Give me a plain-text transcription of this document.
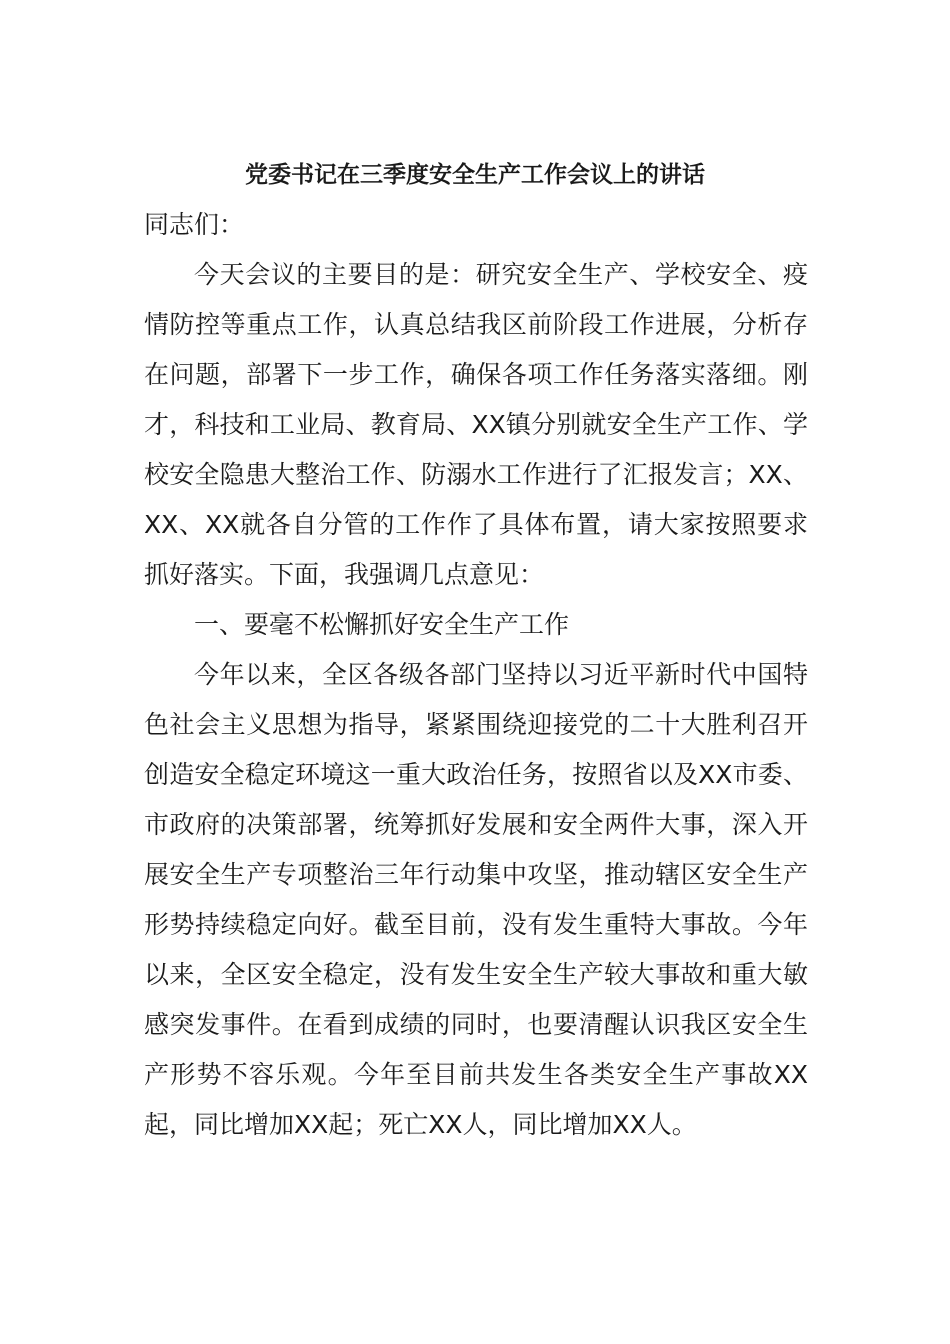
党委书记在三季度安全生产工作会议上的讲话

同志们：

今天会议的主要目的是：研究安全生产、学校安全、疫情防控等重点工作，认真总结我区前阶段工作进展，分析存在问题，部署下一步工作，确保各项工作任务落实落细。刚才，科技和工业局、教育局、XX镇分别就安全生产工作、学校安全隐患大整治工作、防溺水工作进行了汇报发言；XX、XX、XX就各自分管的工作作了具体布置，请大家按照要求抓好落实。下面，我强调几点意见：

一、要毫不松懈抓好安全生产工作

今年以来，全区各级各部门坚持以习近平新时代中国特色社会主义思想为指导，紧紧围绕迎接党的二十大胜利召开创造安全稳定环境这一重大政治任务，按照省以及XX市委、市政府的决策部署，统筹抓好发展和安全两件大事，深入开展安全生产专项整治三年行动集中攻坚，推动辖区安全生产形势持续稳定向好。截至目前，没有发生重特大事故。今年以来，全区安全稳定，没有发生安全生产较大事故和重大敏感突发事件。在看到成绩的同时，也要清醒认识我区安全生产形势不容乐观。今年至目前共发生各类安全生产事故XX起，同比增加XX起；死亡XX人，同比增加XX人。
